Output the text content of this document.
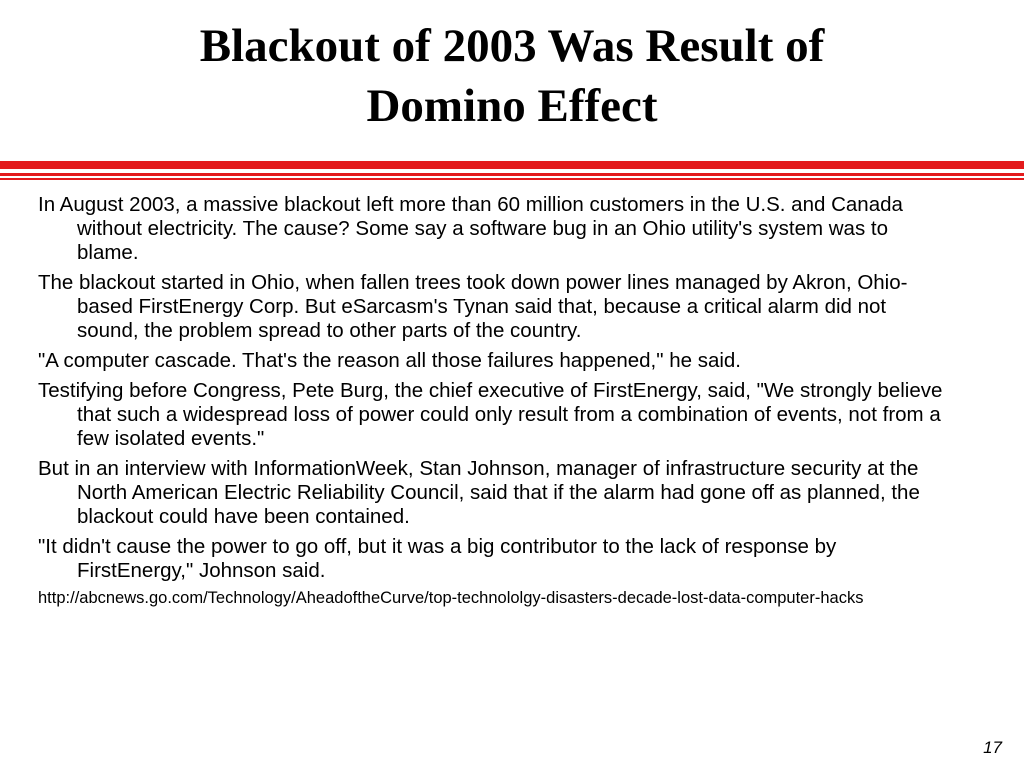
Blackout of 2003 Was Result of
Domino Effect

In August 2003, a massive blackout left more than 60 million customers in the U.S. and Canada without electricity. The cause? Some say a software bug in an Ohio utility's system was to blame.

The blackout started in Ohio, when fallen trees took down power lines managed by Akron, Ohio-based FirstEnergy Corp. But eSarcasm's Tynan said that, because a critical alarm did not sound, the problem spread to other parts of the country.

"A computer cascade. That's the reason all those failures happened," he said.

Testifying before Congress, Pete Burg, the chief executive of FirstEnergy, said, "We strongly believe that such a widespread loss of power could only result from a combination of events, not from a few isolated events."

But in an interview with InformationWeek, Stan Johnson, manager of infrastructure security at the North American Electric Reliability Council, said that if the alarm had gone off as planned, the blackout could have been contained.

"It didn't cause the power to go off, but it was a big contributor to the lack of response by FirstEnergy," Johnson said.

http://abcnews.go.com/Technology/AheadoftheCurve/top-technololgy-disasters-decade-lost-data-computer-hacks

17
